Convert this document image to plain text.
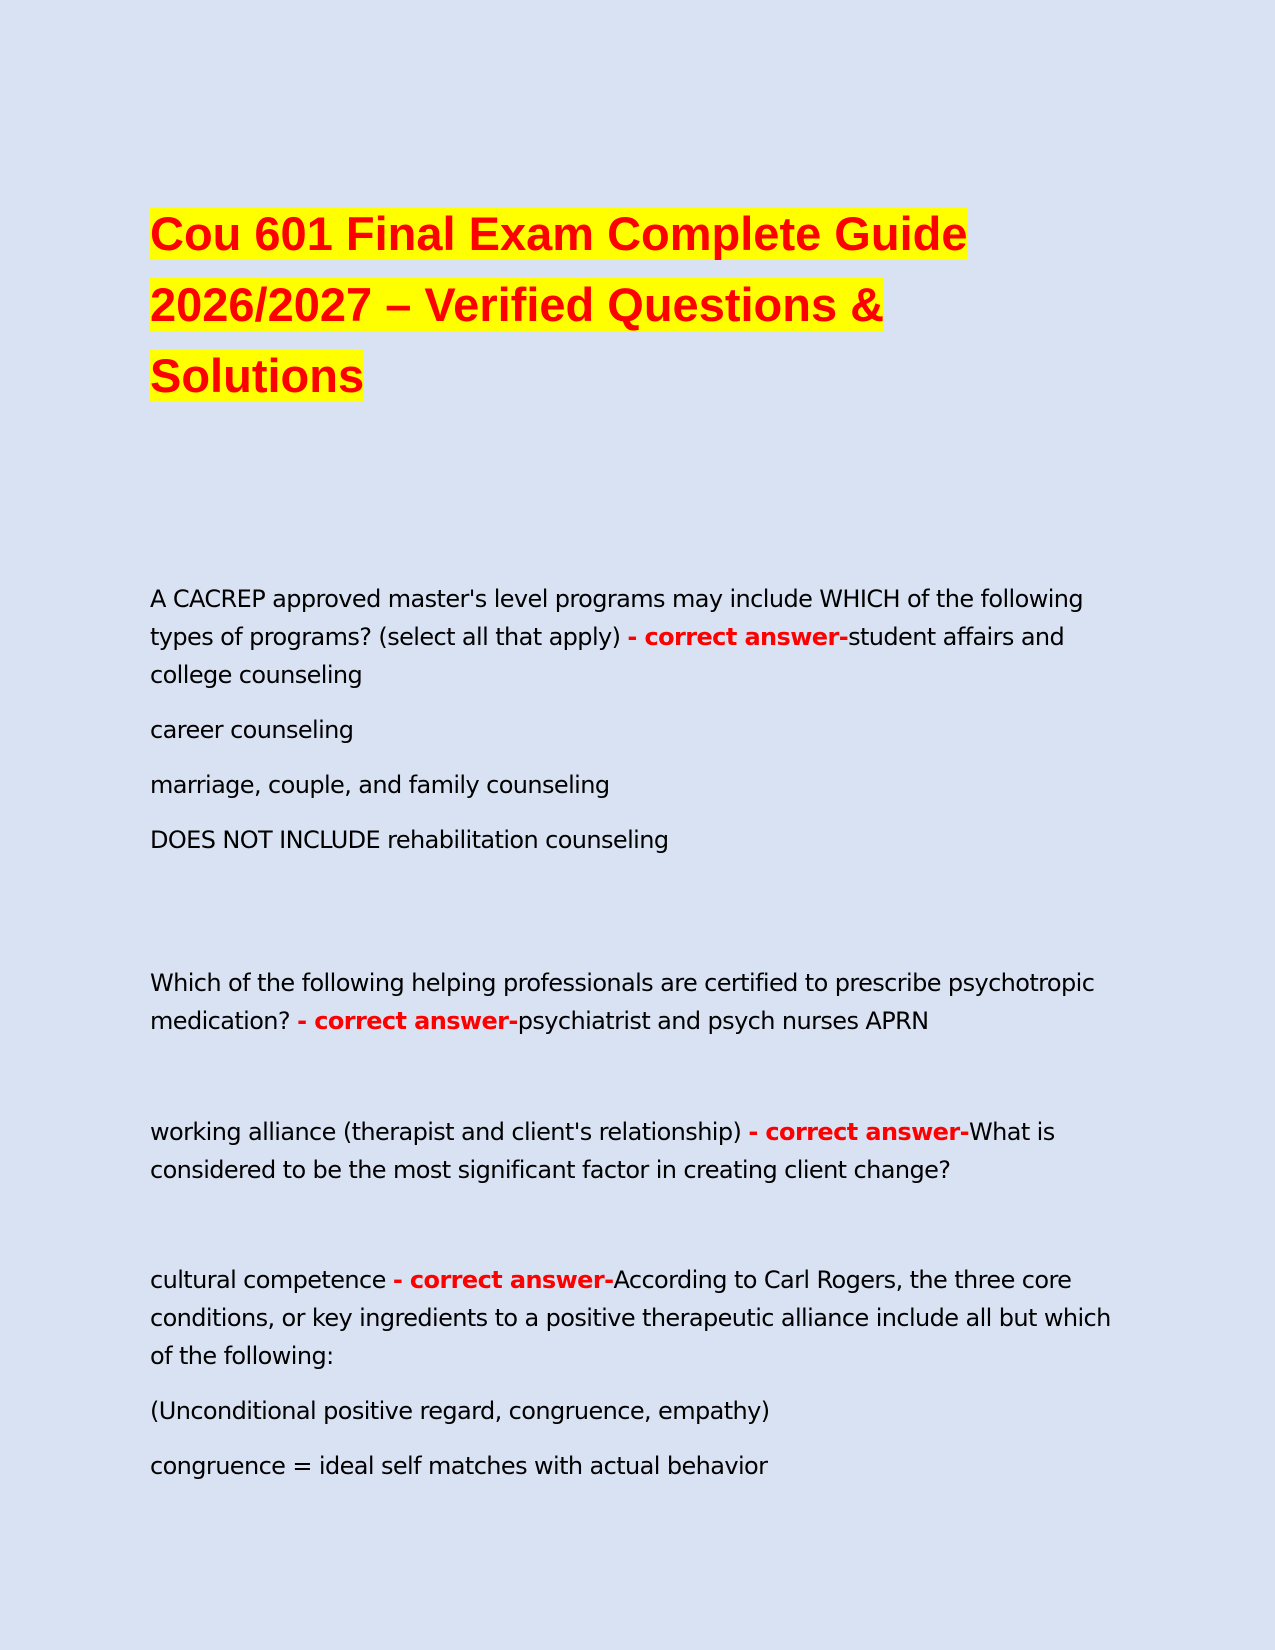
Cou 601 Final Exam Complete Guide
2026/2027 – Verified Questions &
Solutions

A CACREP approved master's level programs may include WHICH of the following types of programs? (select all that apply) - correct answer-student affairs and college counseling

career counseling

marriage, couple, and family counseling

DOES NOT INCLUDE rehabilitation counseling

Which of the following helping professionals are certified to prescribe psychotropic medication? - correct answer-psychiatrist and psych nurses APRN

working alliance (therapist and client's relationship) - correct answer-What is considered to be the most significant factor in creating client change?

cultural competence - correct answer-According to Carl Rogers, the three core conditions, or key ingredients to a positive therapeutic alliance include all but which of the following:

(Unconditional positive regard, congruence, empathy)

congruence = ideal self matches with actual behavior
